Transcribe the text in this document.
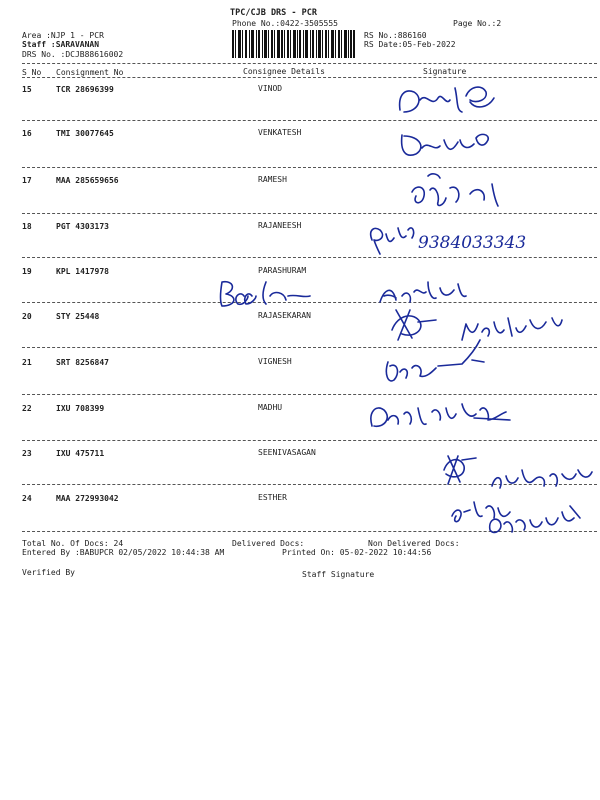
TPC/CJB DRS - PCR
Phone No.:0422-3505555	Page No.:2
Area :NJP 1 - PCR
Staff :SARAVANAN
DRS No. :DCJB88616002
RS No.:886160
RS Date:05-Feb-2022
S No Consignment No	Consignee Details	Signature
15	TCR 28696399	VINOD
16	TMI 30077645	VENKATESH
17	MAA 285659656	RAMESH
18	PGT 4303173	RAJANEESH
19	KPL 1417978	PARASHURAM
20	STY 25448	RAJASEKARAN
21	SRT 8256847	VIGNESH
22	IXU 708399	MADHU
23	IXU 475711	SEENIVASAGAN
24	MAA 272993042	ESTHER
Total No. Of Docs: 24	Delivered Docs:	Non Delivered Docs:
Entered By :BABUPCR 02/05/2022 10:44:38 AM	Printed On: 05-02-2022 10:44:56
Verified By	Staff Signature
9384033343
